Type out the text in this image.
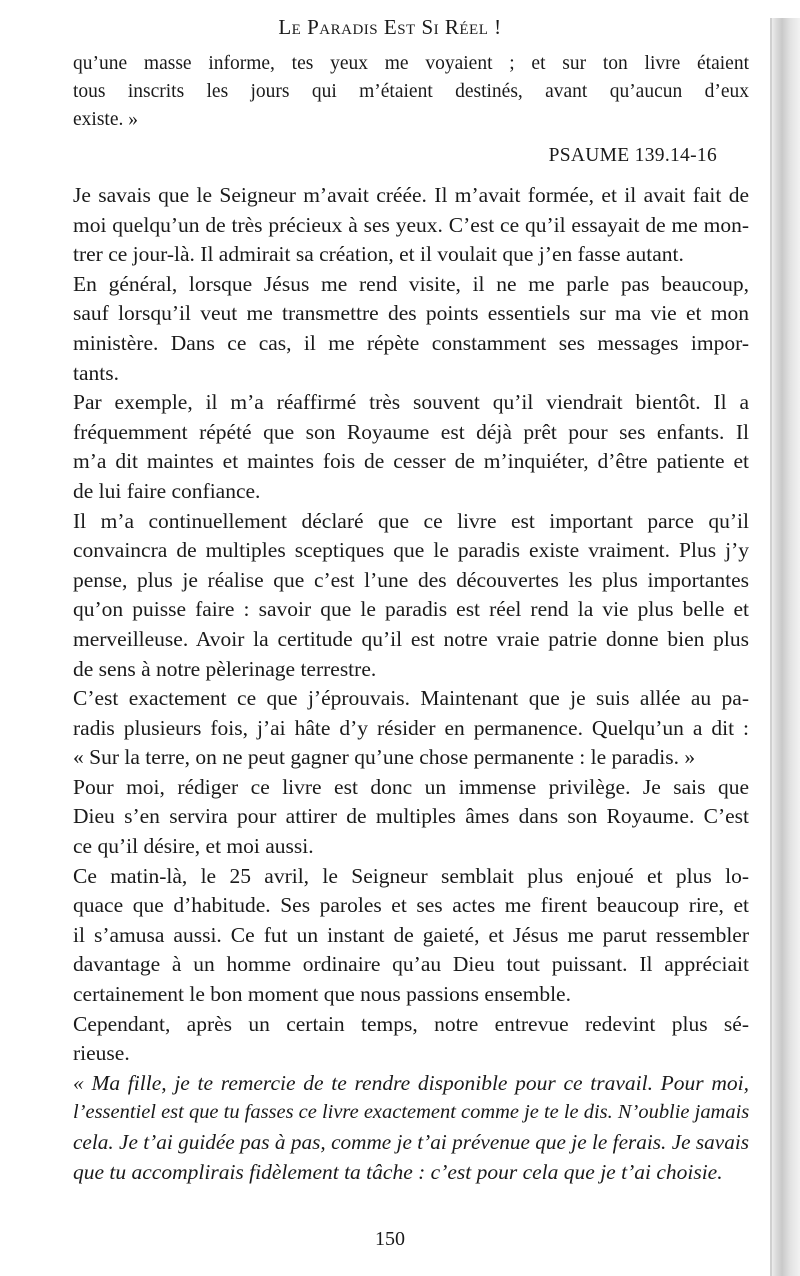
Le Paradis Est Si Réel !
qu’une masse informe, tes yeux me voyaient ; et sur ton livre étaient
tous inscrits les jours qui m’étaient destinés, avant qu’aucun d’eux
existe. »
PSAUME 139.14-16
Je savais que le Seigneur m’avait créée. Il m’avait formée, et il avait fait de
moi quelqu’un de très précieux à ses yeux. C’est ce qu’il essayait de me mon-
trer ce jour-là. Il admirait sa création, et il voulait que j’en fasse autant.
En général, lorsque Jésus me rend visite, il ne me parle pas beaucoup,
sauf lorsqu’il veut me transmettre des points essentiels sur ma vie et mon
ministère. Dans ce cas, il me répète constamment ses messages impor-
tants.
Par exemple, il m’a réaffirmé très souvent qu’il viendrait bientôt. Il a
fréquemment répété que son Royaume est déjà prêt pour ses enfants. Il
m’a dit maintes et maintes fois de cesser de m’inquiéter, d’être patiente et
de lui faire confiance.
Il m’a continuellement déclaré que ce livre est important parce qu’il
convaincra de multiples sceptiques que le paradis existe vraiment. Plus j’y
pense, plus je réalise que c’est l’une des découvertes les plus importantes
qu’on puisse faire : savoir que le paradis est réel rend la vie plus belle et
merveilleuse. Avoir la certitude qu’il est notre vraie patrie donne bien plus
de sens à notre pèlerinage terrestre.
C’est exactement ce que j’éprouvais. Maintenant que je suis allée au pa-
radis plusieurs fois, j’ai hâte d’y résider en permanence. Quelqu’un a dit :
« Sur la terre, on ne peut gagner qu’une chose permanente : le paradis. »
Pour moi, rédiger ce livre est donc un immense privilège. Je sais que
Dieu s’en servira pour attirer de multiples âmes dans son Royaume. C’est
ce qu’il désire, et moi aussi.
Ce matin-là, le 25 avril, le Seigneur semblait plus enjoué et plus lo-
quace que d’habitude. Ses paroles et ses actes me firent beaucoup rire, et
il s’amusa aussi. Ce fut un instant de gaieté, et Jésus me parut ressembler
davantage à un homme ordinaire qu’au Dieu tout puissant. Il appréciait
certainement le bon moment que nous passions ensemble.
Cependant, après un certain temps, notre entrevue redevint plus sé-
rieuse.
« Ma fille, je te remercie de te rendre disponible pour ce travail. Pour moi,
l’essentiel est que tu fasses ce livre exactement comme je te le dis. N’oublie jamais
cela. Je t’ai guidée pas à pas, comme je t’ai prévenue que je le ferais. Je savais
que tu accomplirais fidèlement ta tâche : c’est pour cela que je t’ai choisie.
150
